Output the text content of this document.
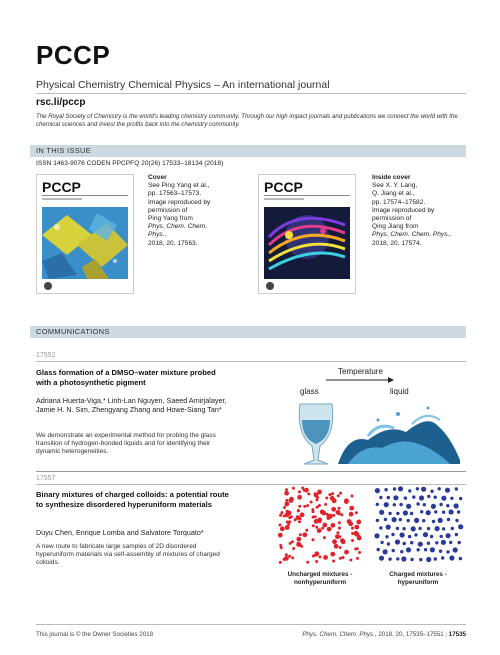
PCCP
Physical Chemistry Chemical Physics – An international journal
rsc.li/pccp
The Royal Society of Chemistry is the world's leading chemistry community. Through our high impact journals and publications we connect the world with the chemical sciences and invest the profits back into the chemistry community.
IN THIS ISSUE
ISSN 1463-9076 CODEN PPCPFQ 20(26) 17533–18134 (2018)
PCCP
Cover
See Ping Yang et al.,
pp. 17563–17573.
Image reproduced by
permission of
Ping Yang from
Phys. Chem. Chem. Phys.,
2018, 20, 17563.
PCCP
Inside cover
See X. Y. Lang,
Q. Jiang et al.,
pp. 17574–17582.
Image reproduced by
permission of
Qing Jiang from
Phys. Chem. Chem. Phys.,
2018, 20, 17574.
COMMUNICATIONS
17552
Glass formation of a DMSO–water mixture probed with a photosynthetic pigment
Adriana Huerta-Viga,* Linh-Lan Nguyen, Saeed Amirjalayer, Jamie H. N. Sim, Zhengyang Zhang and Howe-Siang Tan*
We demonstrate an experimental method for probing the glass transition of hydrogen-bonded liquids and for identifying their dynamic heterogeneities.
Temperature
glass	liquid
17557
Binary mixtures of charged colloids: a potential route to synthesize disordered hyperuniform materials
Duyu Chen, Enrique Lomba and Salvatore Torquato*
A new route to fabricate large samples of 2D disordered hyperuniform materials via self-assembly of mixtures of charged colloids.
Uncharged mixtures -
nonhyperuniform
Charged mixtures -
hyperuniform
This journal is © the Owner Societies 2018	Phys. Chem. Chem. Phys., 2018, 20, 17535–17551 | 17535
